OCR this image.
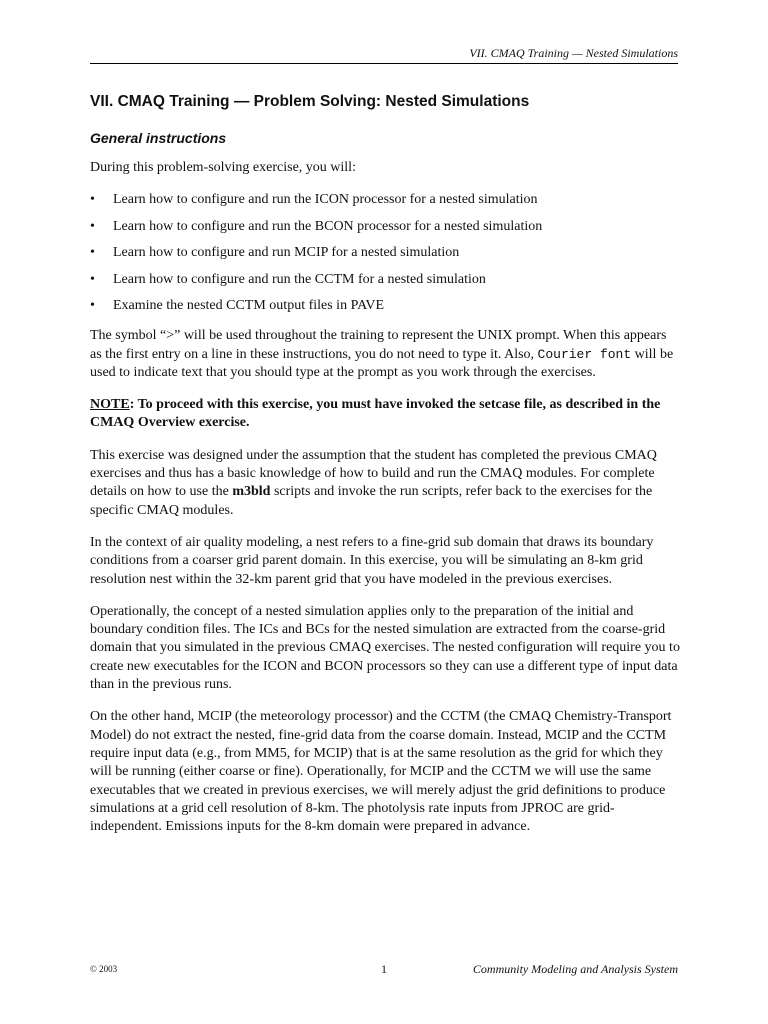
VII. CMAQ Training — Nested Simulations
VII. CMAQ Training — Problem Solving: Nested Simulations
General instructions

During this problem-solving exercise, you will:

• Learn how to configure and run the ICON processor for a nested simulation
• Learn how to configure and run the BCON processor for a nested simulation
• Learn how to configure and run MCIP for a nested simulation
• Learn how to configure and run the CCTM for a nested simulation
• Examine the nested CCTM output files in PAVE

The symbol “>” will be used throughout the training to represent the UNIX prompt. When this appears as the first entry on a line in these instructions, you do not need to type it. Also, Courier font will be used to indicate text that you should type at the prompt as you work through the exercises.

NOTE: To proceed with this exercise, you must have invoked the setcase file, as described in the CMAQ Overview exercise.

This exercise was designed under the assumption that the student has completed the previous CMAQ exercises and thus has a basic knowledge of how to build and run the CMAQ modules. For complete details on how to use the m3bld scripts and invoke the run scripts, refer back to the exercises for the specific CMAQ modules.

In the context of air quality modeling, a nest refers to a fine-grid sub domain that draws its boundary conditions from a coarser grid parent domain. In this exercise, you will be simulating an 8-km grid resolution nest within the 32-km parent grid that you have modeled in the previous exercises.

Operationally, the concept of a nested simulation applies only to the preparation of the initial and boundary condition files. The ICs and BCs for the nested simulation are extracted from the coarse-grid domain that you simulated in the previous CMAQ exercises. The nested configuration will require you to create new executables for the ICON and BCON processors so they can use a different type of input data than in the previous runs.

On the other hand, MCIP (the meteorology processor) and the CCTM (the CMAQ Chemistry-Transport Model) do not extract the nested, fine-grid data from the coarse domain. Instead, MCIP and the CCTM require input data (e.g., from MM5, for MCIP) that is at the same resolution as the grid for which they will be running (either coarse or fine). Operationally, for MCIP and the CCTM we will use the same executables that we created in previous exercises, we will merely adjust the grid definitions to produce simulations at a grid cell resolution of 8-km. The photolysis rate inputs from JPROC are grid-independent. Emissions inputs for the 8-km domain were prepared in advance.

© 2003	1	Community Modeling and Analysis System
